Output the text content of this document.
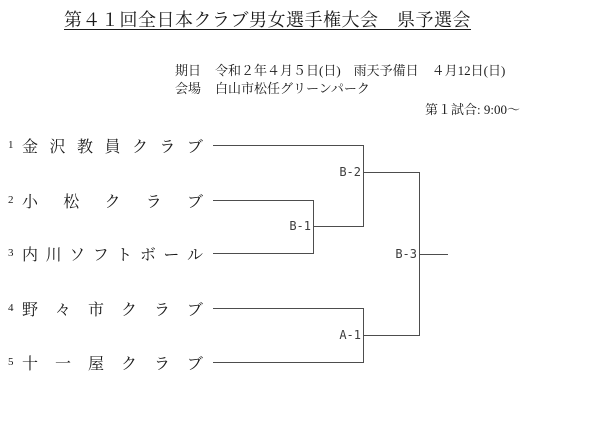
第４１回全日本クラブ男女選手権大会　県予選会
期日 令和２年４月５日(日)　雨天予備日　４月12日(日)
会場 白山市松任グリーンパーク
第１試合: 9:00～
1 金 沢 教 員 ク ラ ブ
2 小 松 ク ラ ブ
3 内 川 ソ フ ト ボ ー ル
4 野 々 市 ク ラ ブ
5 十 一 屋 ク ラ ブ
B-1
B-2
B-3
A-1
